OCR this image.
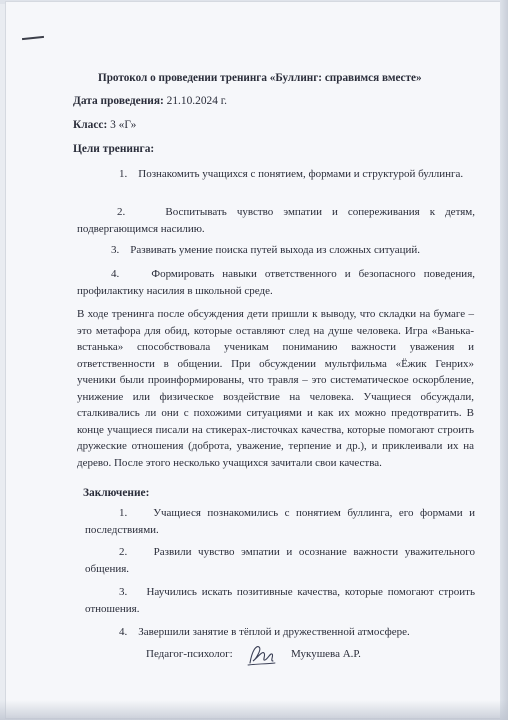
Протокол о проведении тренинга «Буллинг: справимся вместе»
Дата проведения: 21.10.2024 г.
Класс: 3 «Г»
Цели тренинга:
1. Познакомить учащихся с понятием, формами и структурой буллинга.
2.	Воспитывать чувство эмпатии и сопереживания к детям, подвергающимся насилию.
3. Развивать умение поиска путей выхода из сложных ситуаций.
4.	Формировать навыки ответственного и безопасного поведения, профилактику насилия в школьной среде.
В ходе тренинга после обсуждения дети пришли к выводу, что складки на бумаге – это метафора для обид, которые оставляют след на душе человека. Игра «Ванька-встанька» способствовала ученикам пониманию важности уважения и ответственности в общении. При обсуждении мультфильма «Ёжик Генрих» ученики были проинформированы, что травля – это систематическое оскорбление, унижение или физическое воздействие на человека. Учащиеся обсуждали, сталкивались ли они с похожими ситуациями и как их можно предотвратить. В конце учащиеся писали на стикерах-листочках качества, которые помогают строить дружеские отношения (доброта, уважение, терпение и др.), и приклеивали их на дерево. После этого несколько учащихся зачитали свои качества.
Заключение:
1. Учащиеся познакомились с понятием буллинга, его формами и последствиями.
2. Развили чувство эмпатии и осознание важности уважительного общения.
3. Научились искать позитивные качества, которые помогают строить отношения.
4. Завершили занятие в тёплой и дружественной атмосфере.
Педагог-психолог:	Мукушева А.Р.
